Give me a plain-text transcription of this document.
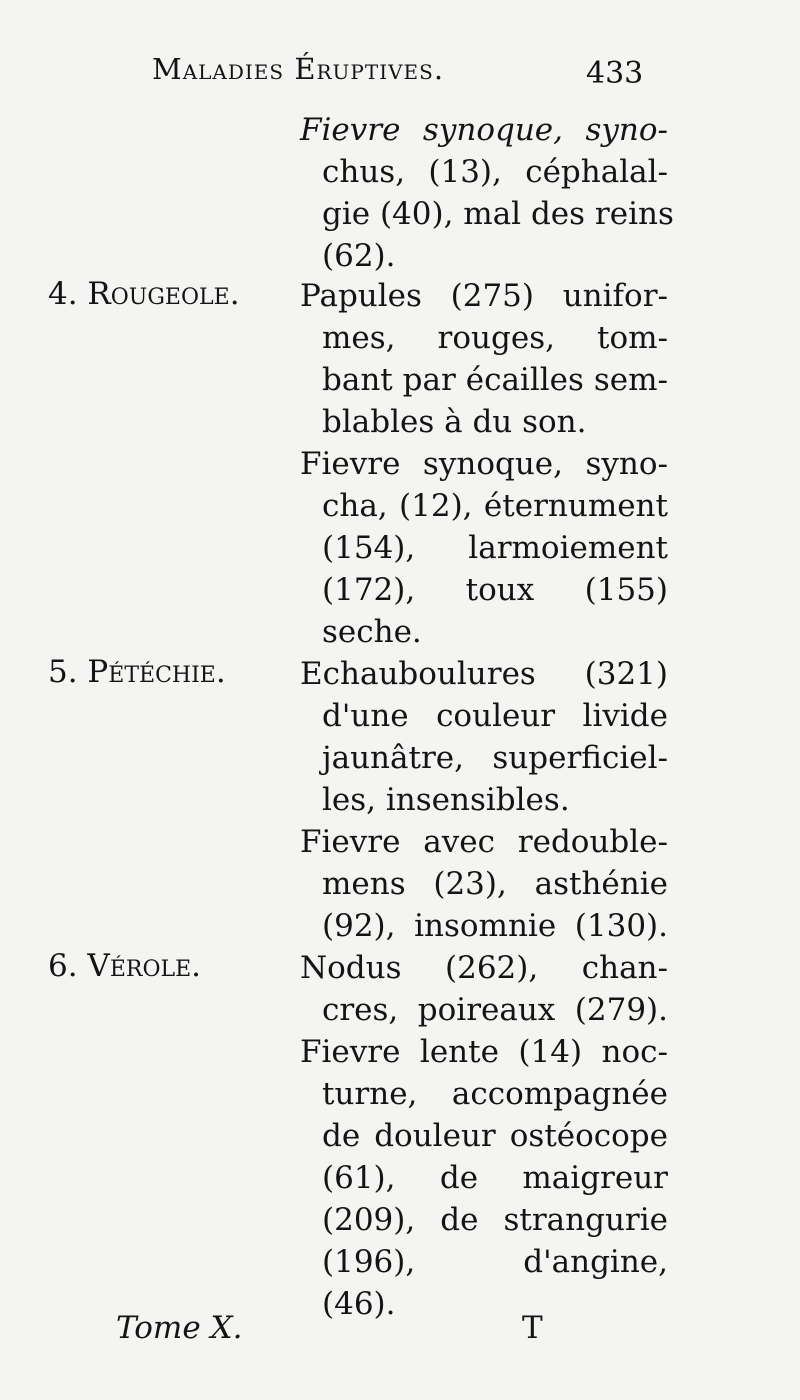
Maladies Éruptives.	433
Fievre synoque, syno-
chus, (13), céphalal-
gie (40), mal des reins
(62).
4. Rougeole. Papules (275) unifor-
mes, rouges, tom-
bant par écailles sem-
blables à du son.
Fievre synoque, syno-
cha, (12), éternument
(154), larmoiement
(172), toux (155)
seche.
5. Pétéchie. Echauboulures (321)
d'une couleur livide
jaunâtre, superficiel-
les, insensibles.
Fievre avec redouble-
mens (23), asthénie
(92), insomnie (130).
6. Vérole.	Nodus (262), chan-
cres, poireaux (279).
Fievre lente (14) noc-
turne, accompagnée
de douleur ostéocope
(61), de maigreur
(209), de strangurie
(196), d'angine,
(46).
Tome X.	T
